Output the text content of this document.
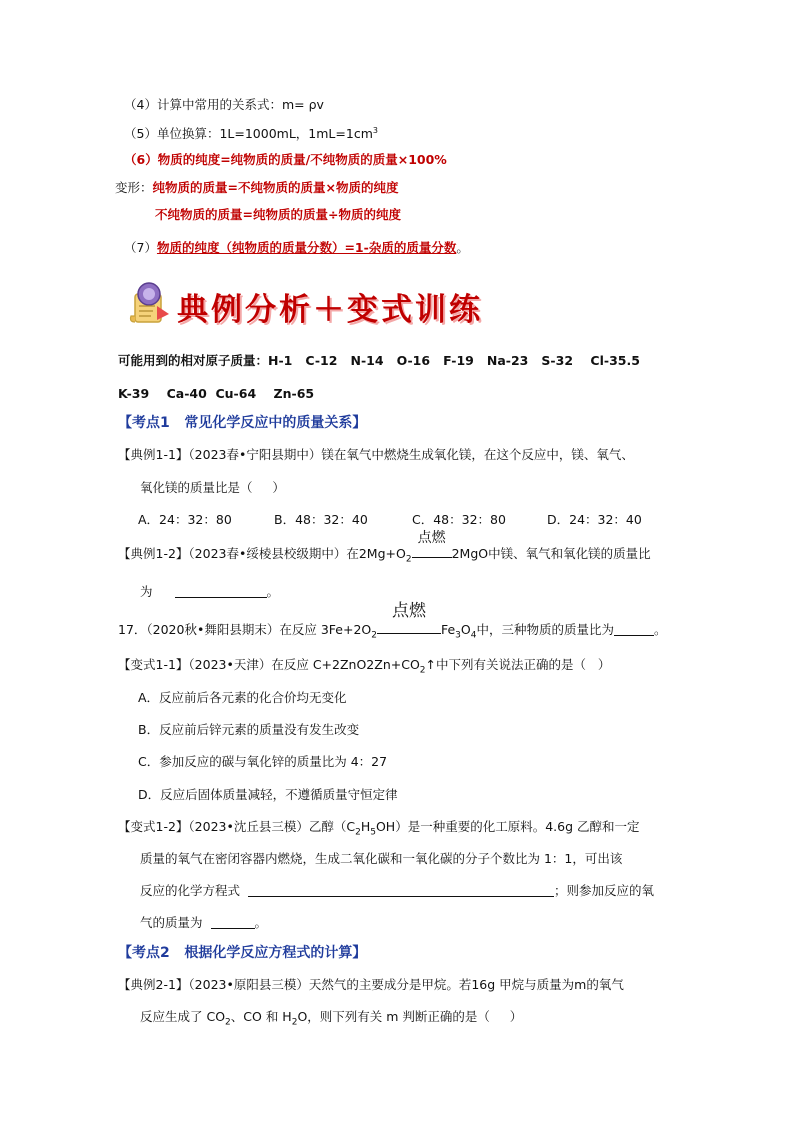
（4）计算中常用的关系式：m= ρv
（5）单位换算：1L=1000mL，$1mL=1cm^3$
（6）物质的纯度=纯物质的质量/不纯物质的质量×100%
变形：纯物质的质量=不纯物质的质量×物质的纯度
不纯物质的质量=纯物质的质量÷物质的纯度
（7）物质的纯度（纯物质的质量分数）=1-杂质的质量分数。
典例分析＋变式训练
可能用到的相对原子质量：H-1   C-12   N-14   O-16   F-19   Na-23   S-32    Cl-35.5
K-39    Ca-40  Cu-64    Zn-65
【考点1   常见化学反应中的质量关系】
【典例1-1】（2023春•宁阳县期中）镁在氧气中燃烧生成氧化镁，在这个反应中，镁、氧气、
氧化镁的质量比是（     ）
A．24：32：80	B．48：32：40	C．48：32：80	D．24：32：40
【典例1-2】（2023春•绥棱县校级期中）在$2Mg+O_2$
点燃
2MgO中镁、氧气和氧化镁的质量比
为	。
17．（2020秋•舞阳县期末）在反应 $3Fe+2O_2$
点燃
$Fe_3O_4$中，三种物质的质量比为	。
【变式1-1】（2023•天津）在反应 $C+2ZnO2Zn+CO_2↑$中下列有关说法正确的是（   ）
A．反应前后各元素的化合价均无变化
B．反应前后锌元素的质量没有发生改变
C．参加反应的碳与氧化锌的质量比为 4：27
D．反应后固体质量减轻，不遵循质量守恒定律
【变式1-2】（2023•沈丘县三模）乙醇$(C_2H_5OH)$是一种重要的化工原料。4.6g 乙醇和一定
质量的氧气在密闭容器内燃烧，生成二氧化碳和一氧化碳的分子个数比为 1：1，可出该
反应的化学方程式	；则参加反应的氧
气的质量为	。
【考点2   根据化学反应方程式的计算】
【典例2-1】（2023•原阳县三模）天然气的主要成分是甲烷。若16g 甲烷与质量为m的氧气
反应生成了 $CO_2$、CO 和 $H_2O$，则下列有关 m 判断正确的是（     ）
